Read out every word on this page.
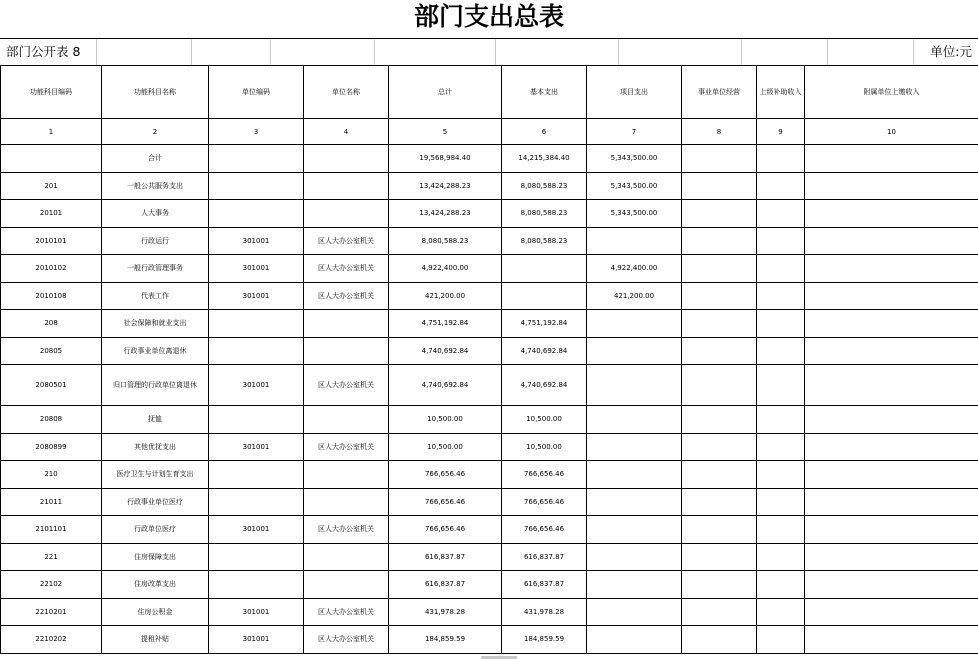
部门支出总表
部门公开表 8	单位:元
功能科目编码	功能科目名称	单位编码	单位名称	总计	基本支出	项目支出	事业单位经营	上级补助收入	附属单位上缴收入
1	2	3	4	5	6	7	8	9	10
	合计			19,568,984.40	14,215,384.40	5,343,500.00			
201	一般公共服务支出			13,424,288.23	8,080,588.23	5,343,500.00			
20101	人大事务			13,424,288.23	8,080,588.23	5,343,500.00			
2010101	行政运行	301001	区人大办公室机关	8,080,588.23	8,080,588.23				
2010102	一般行政管理事务	301001	区人大办公室机关	4,922,400.00		4,922,400.00			
2010108	代表工作	301001	区人大办公室机关	421,200.00		421,200.00			
208	社会保障和就业支出			4,751,192.84	4,751,192.84				
20805	行政事业单位离退休			4,740,692.84	4,740,692.84				
2080501	归口管理的行政单位离退休	301001	区人大办公室机关	4,740,692.84	4,740,692.84				
20808	抚恤			10,500.00	10,500.00				
2080899	其他优抚支出	301001	区人大办公室机关	10,500.00	10,500.00				
210	医疗卫生与计划生育支出			766,656.46	766,656.46				
21011	行政事业单位医疗			766,656.46	766,656.46				
2101101	行政单位医疗	301001	区人大办公室机关	766,656.46	766,656.46				
221	住房保障支出			616,837.87	616,837.87				
22102	住房改革支出			616,837.87	616,837.87				
2210201	住房公积金	301001	区人大办公室机关	431,978.28	431,978.28				
2210202	提租补贴	301001	区人大办公室机关	184,859.59	184,859.59				
